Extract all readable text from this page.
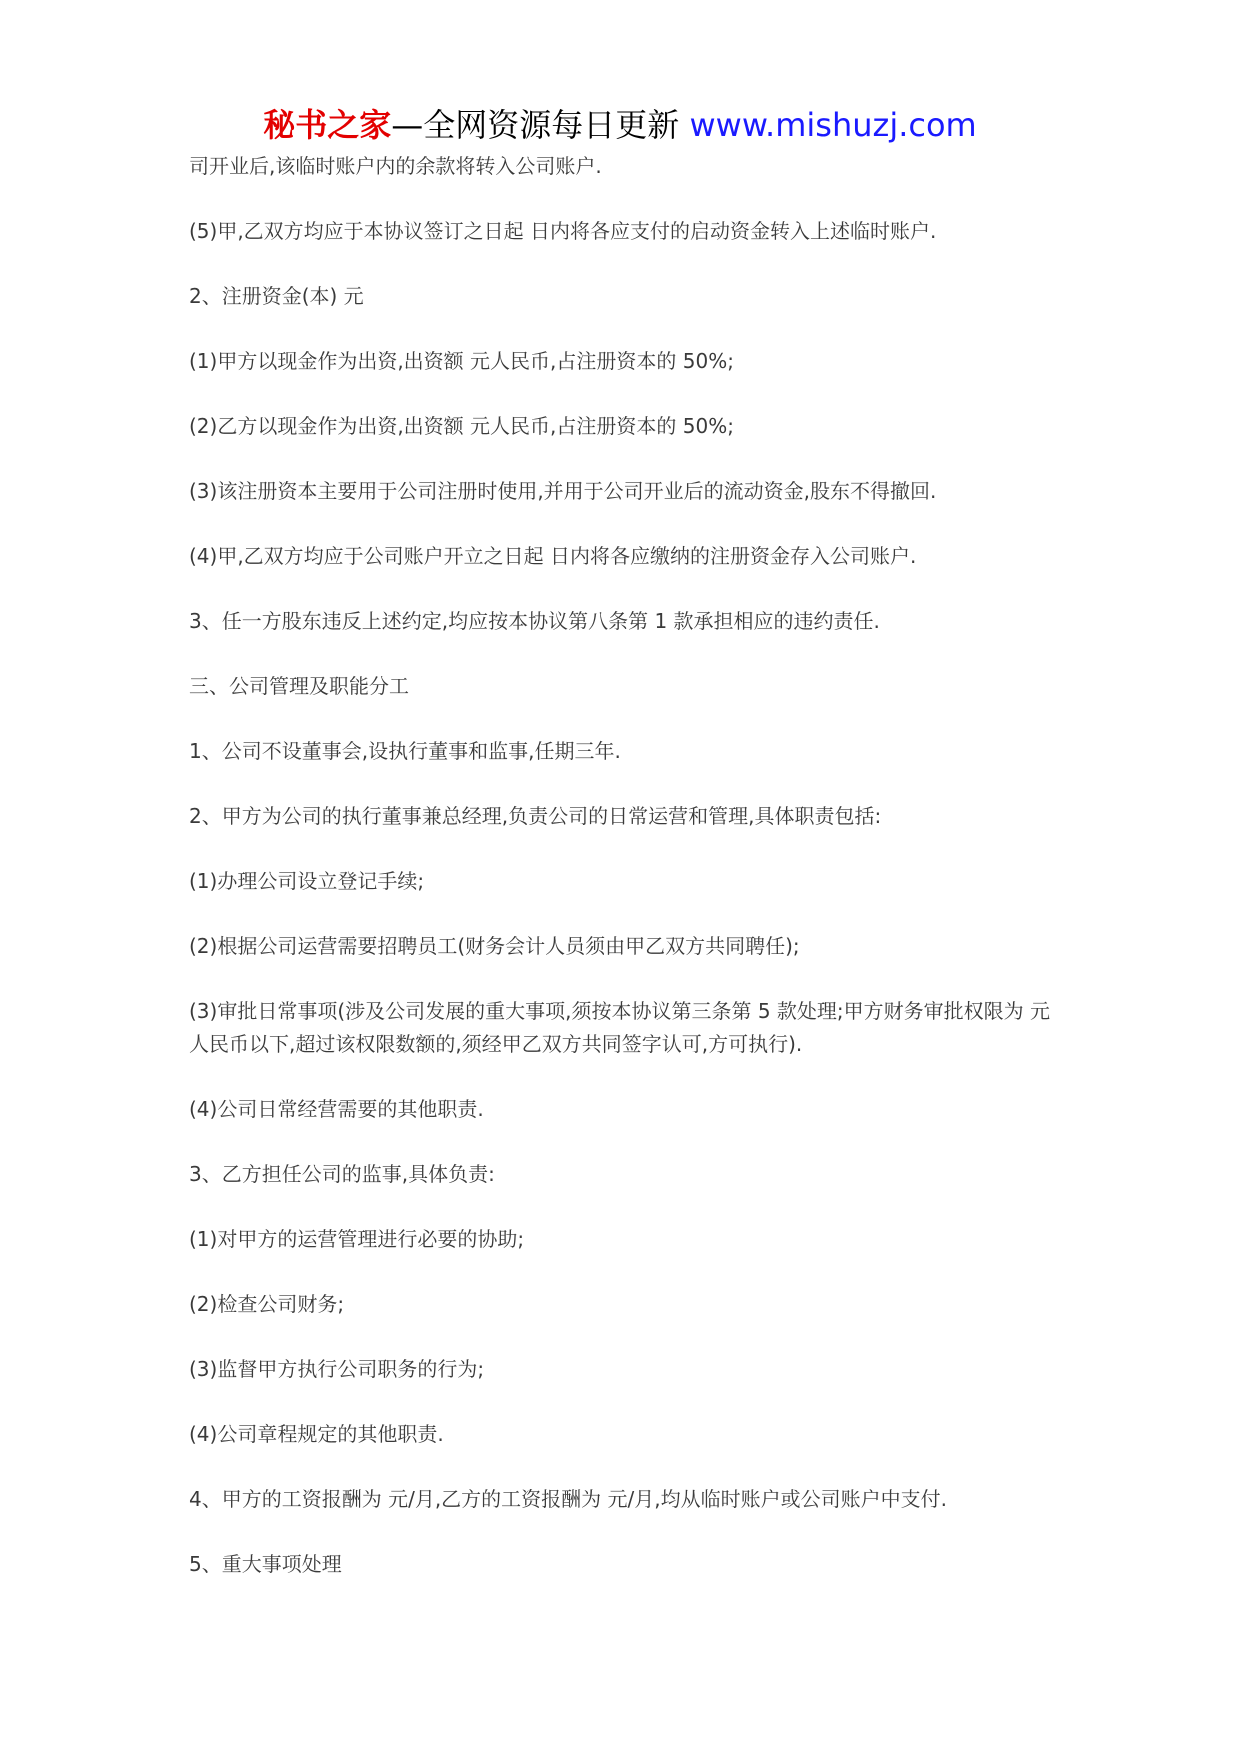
秘书之家—全网资源每日更新 www.mishuzj.com

司开业后,该临时账户内的余款将转入公司账户.

(5)甲,乙双方均应于本协议签订之日起 日内将各应支付的启动资金转入上述临时账户.

2、注册资金(本) 元

(1)甲方以现金作为出资,出资额 元人民币,占注册资本的 50%;

(2)乙方以现金作为出资,出资额 元人民币,占注册资本的 50%;

(3)该注册资本主要用于公司注册时使用,并用于公司开业后的流动资金,股东不得撤回.

(4)甲,乙双方均应于公司账户开立之日起 日内将各应缴纳的注册资金存入公司账户.

3、任一方股东违反上述约定,均应按本协议第八条第 1 款承担相应的违约责任.

三、公司管理及职能分工

1、公司不设董事会,设执行董事和监事,任期三年.

2、甲方为公司的执行董事兼总经理,负责公司的日常运营和管理,具体职责包括:

(1)办理公司设立登记手续;

(2)根据公司运营需要招聘员工(财务会计人员须由甲乙双方共同聘任);

(3)审批日常事项(涉及公司发展的重大事项,须按本协议第三条第 5 款处理;甲方财务审批权限为 元人民币以下,超过该权限数额的,须经甲乙双方共同签字认可,方可执行).

(4)公司日常经营需要的其他职责.

3、乙方担任公司的监事,具体负责:

(1)对甲方的运营管理进行必要的协助;

(2)检查公司财务;

(3)监督甲方执行公司职务的行为;

(4)公司章程规定的其他职责.

4、甲方的工资报酬为 元/月,乙方的工资报酬为 元/月,均从临时账户或公司账户中支付.

5、重大事项处理
